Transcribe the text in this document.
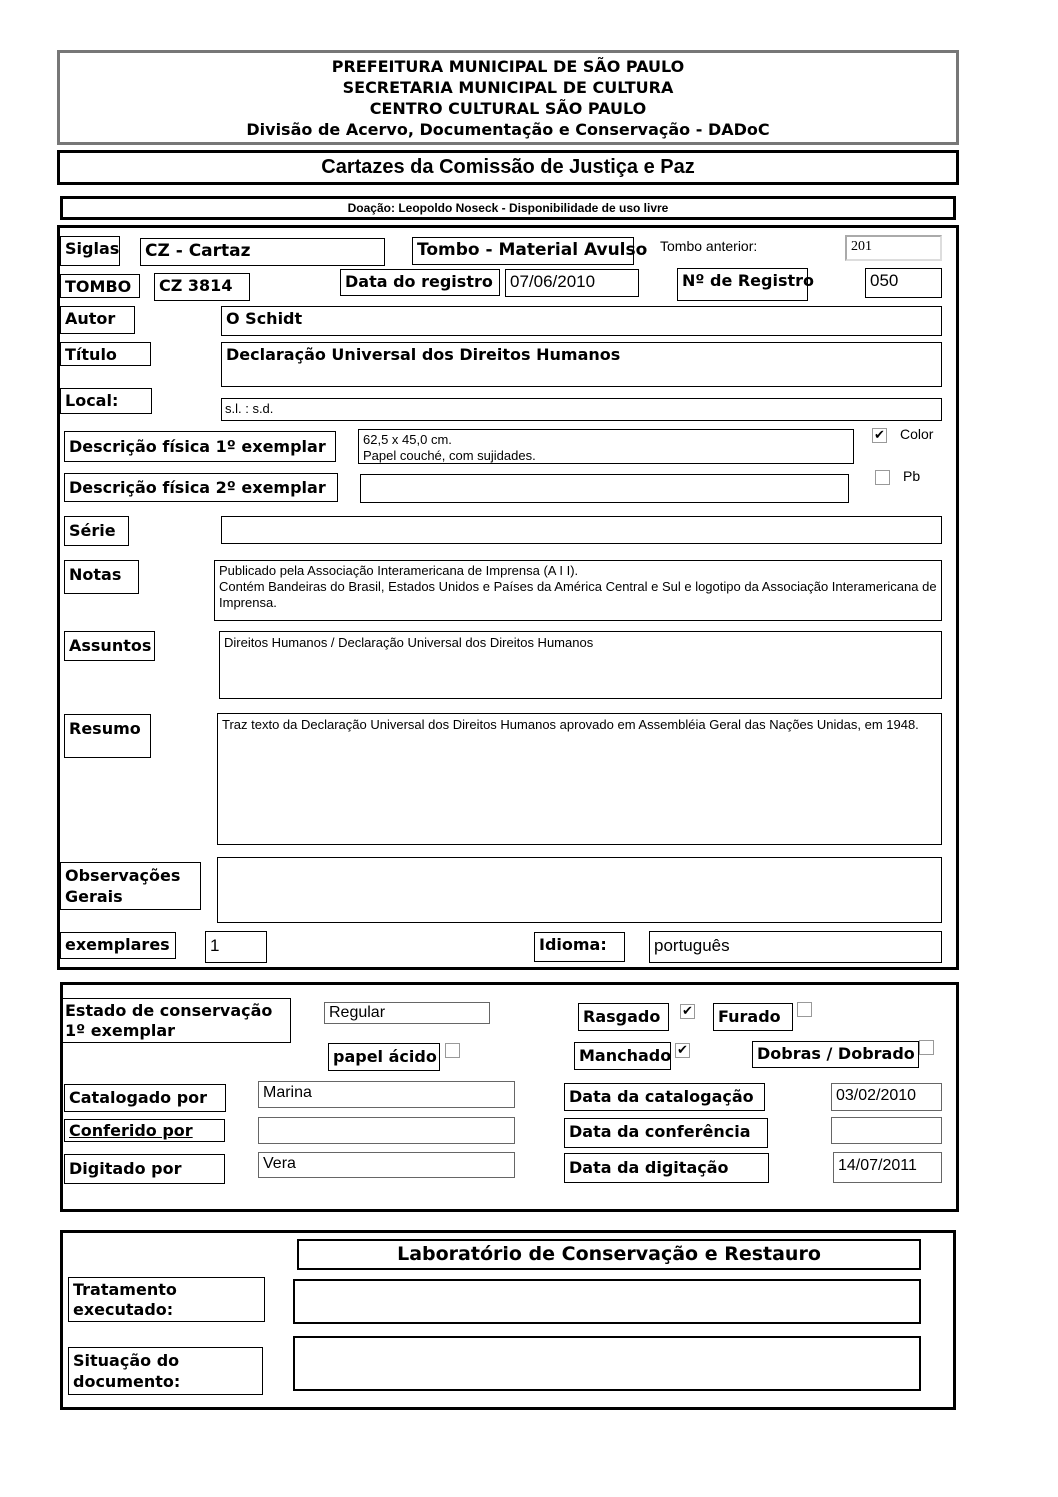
PREFEITURA MUNICIPAL DE SÃO PAULO
SECRETARIA MUNICIPAL DE CULTURA
CENTRO CULTURAL SÃO PAULO
Divisão de Acervo, Documentação e Conservação - DADoC
Cartazes da Comissão de Justiça e Paz
Doação: Leopoldo Noseck - Disponibilidade de uso livre
Siglas CZ - Cartaz	Tombo - Material Avulso Tombo anterior:	201
TOMBO	CZ 3814	Data do registro	07/06/2010	Nº de Registro	050
Autor	O Schidt
Título	Declaração Universal dos Direitos Humanos
Local:	s.l. : s.d.
Descrição física 1º exemplar	62,5 x 45,0 cm.
Papel couché, com sujidades.
✔ Color
Descrição física 2º exemplar
Pb
Série
Notas	Publicado pela Associação Interamericana de Imprensa (A I I).
Contém Bandeiras do Brasil, Estados Unidos e Países da América Central e Sul e logotipo da Associação Interamericana de Imprensa.
Assuntos	Direitos Humanos / Declaração Universal dos Direitos Humanos
Resumo	Traz texto da Declaração Universal dos Direitos Humanos aprovado em Assembléia Geral das Nações Unidas, em 1948.
Observações
Gerais
exemplares	1	Idioma:	português
Estado de conservação
1º exemplar
Regular	Rasgado	✔	Furado
papel ácido	Manchado ✔	Dobras / Dobrado
Catalogado por	Marina	Data da catalogação	03/02/2010
Conferido por	Data da conferência
Digitado por	Vera	Data da digitação	14/07/2011
Laboratório de Conservação e Restauro
Tratamento
executado:
Situação do
documento:
